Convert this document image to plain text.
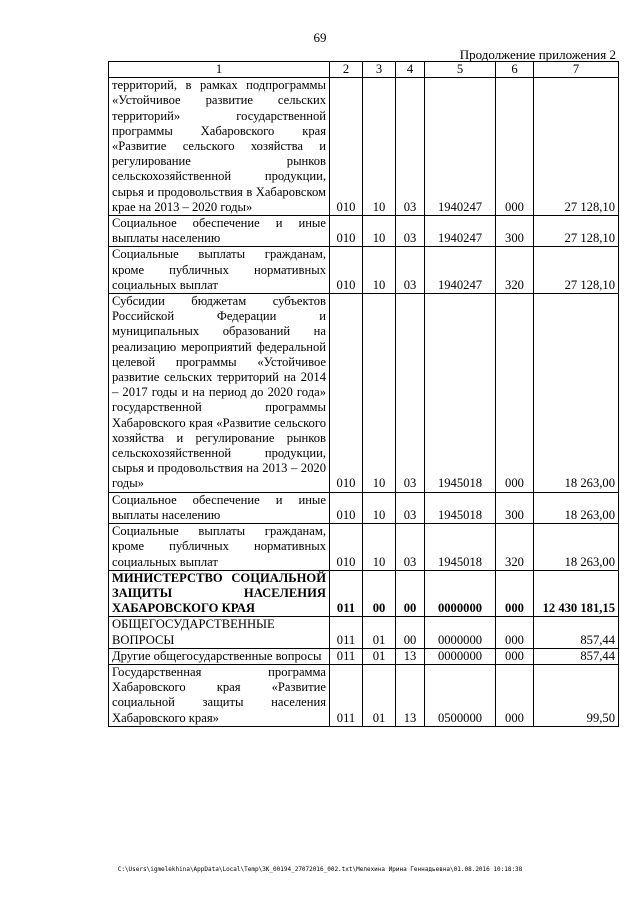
69
Продолжение приложения 2
1	2	3	4	5	6	7
территорий, в рамках подпрограммы «Устойчивое развитие сельских территорий» государственной программы Хабаровского края «Развитие сельского хозяйства и регулирование рынков сельскохозяйственной продукции, сырья и продовольствия в Хабаровском крае на 2013 – 2020 годы»	010	10	03	1940247	000	27 128,10
Социальное обеспечение и иные выплаты населению	010	10	03	1940247	300	27 128,10
Социальные выплаты гражданам, кроме публичных нормативных социальных выплат	010	10	03	1940247	320	27 128,10
Субсидии бюджетам субъектов Российской Федерации и муниципальных образований на реализацию мероприятий федеральной целевой программы «Устойчивое развитие сельских территорий на 2014 – 2017 годы и на период до 2020 года» государственной программы Хабаровского края «Развитие сельского хозяйства и регулирование рынков сельскохозяйственной продукции, сырья и продовольствия на 2013 – 2020 годы»	010	10	03	1945018	000	18 263,00
Социальное обеспечение и иные выплаты населению	010	10	03	1945018	300	18 263,00
Социальные выплаты гражданам, кроме публичных нормативных социальных выплат	010	10	03	1945018	320	18 263,00
МИНИСТЕРСТВО СОЦИАЛЬНОЙ ЗАЩИТЫ НАСЕЛЕНИЯ ХАБАРОВСКОГО КРАЯ	011	00	00	0000000	000	12 430 181,15
ОБЩЕГОСУДАРСТВЕННЫЕ ВОПРОСЫ	011	01	00	0000000	000	857,44
Другие общегосударственные вопросы	011	01	13	0000000	000	857,44
Государственная программа Хабаровского края «Развитие социальной защиты населения Хабаровского края»	011	01	13	0500000	000	99,50
C:\Users\igmelekhina\AppData\Local\Temp\ЗК_00194_27072016_002.txt\Мелехина Ирина Геннадьевна\01.08.2016 10:18:38
